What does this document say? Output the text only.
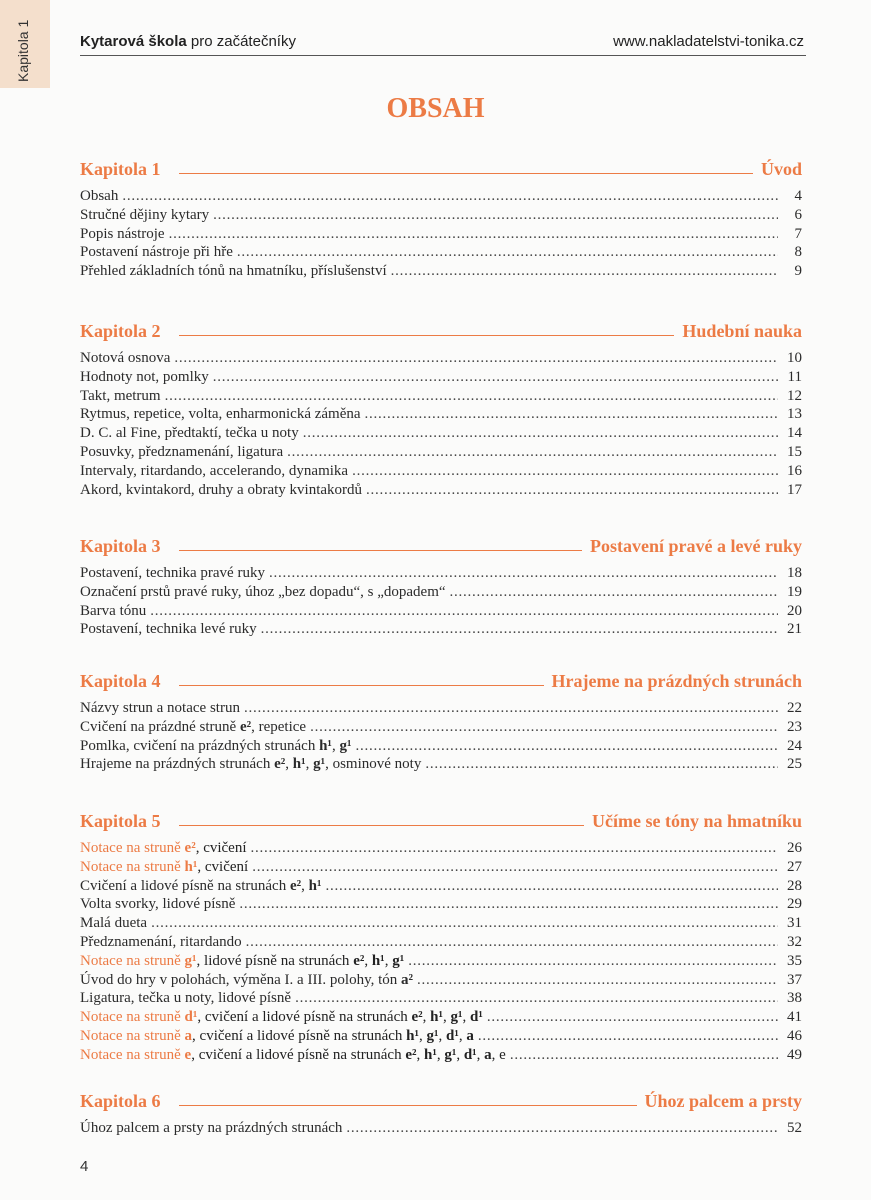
Kapitola 1	Kytarová škola pro začátečníky	www.nakladatelstvi-tonika.cz
OBSAH
Kapitola 1	Úvod
Obsah . . .	4
Stručné dějiny kytary . . .	6
Popis nástroje . . .	7
Postavení nástroje při hře . . .	8
Přehled základních tónů na hmatníku, příslušenství . . .	9
Kapitola 2	Hudební nauka
Notová osnova . . .	10
Hodnoty not, pomlky . . .	11
Takt, metrum . . .	12
Rytmus, repetice, volta, enharmonická záměna . . .	13
D. C. al Fine, předtaktí, tečka u noty . . .	14
Posuvky, předznamenání, ligatura . . .	15
Intervaly, ritardando, accelerando, dynamika . . .	16
Akord, kvintakord, druhy a obraty kvintakordů . . .	17
Kapitola 3	Postavení pravé a levé ruky
Postavení, technika pravé ruky . . .	18
Označení prstů pravé ruky, úhoz „bez dopadu“, s „dopadem“ . . .	19
Barva tónu . . .	20
Postavení, technika levé ruky . . .	21
Kapitola 4	Hrajeme na prázdných strunách
Názvy strun a notace strun . . .	22
Cvičení na prázdné struně e², repetice . . .	23
Pomlka, cvičení na prázdných strunách h¹, g¹ . . .	24
Hrajeme na prázdných strunách e², h¹, g¹, osminové noty . . .	25
Kapitola 5	Učíme se tóny na hmatníku
Notace na struně e², cvičení . . .	26
Notace na struně h¹, cvičení . . .	27
Cvičení a lidové písně na strunách e², h¹ . . .	28
Volta svorky, lidové písně . . .	29
Malá dueta . . .	31
Předznamenání, ritardando . . .	32
Notace na struně g¹, lidové písně na strunách e², h¹, g¹ . . .	35
Úvod do hry v polohách, výměna I. a III. polohy, tón a² . . .	37
Ligatura, tečka u noty, lidové písně . . .	38
Notace na struně d¹, cvičení a lidové písně na strunách e², h¹, g¹, d¹ . . .	41
Notace na struně a, cvičení a lidové písně na strunách h¹, g¹, d¹, a . . .	46
Notace na struně e, cvičení a lidové písně na strunách e², h¹, g¹, d¹, a, e . . .	49
Kapitola 6	Úhoz palcem a prsty
Úhoz palcem a prsty na prázdných strunách . . .	52
4
